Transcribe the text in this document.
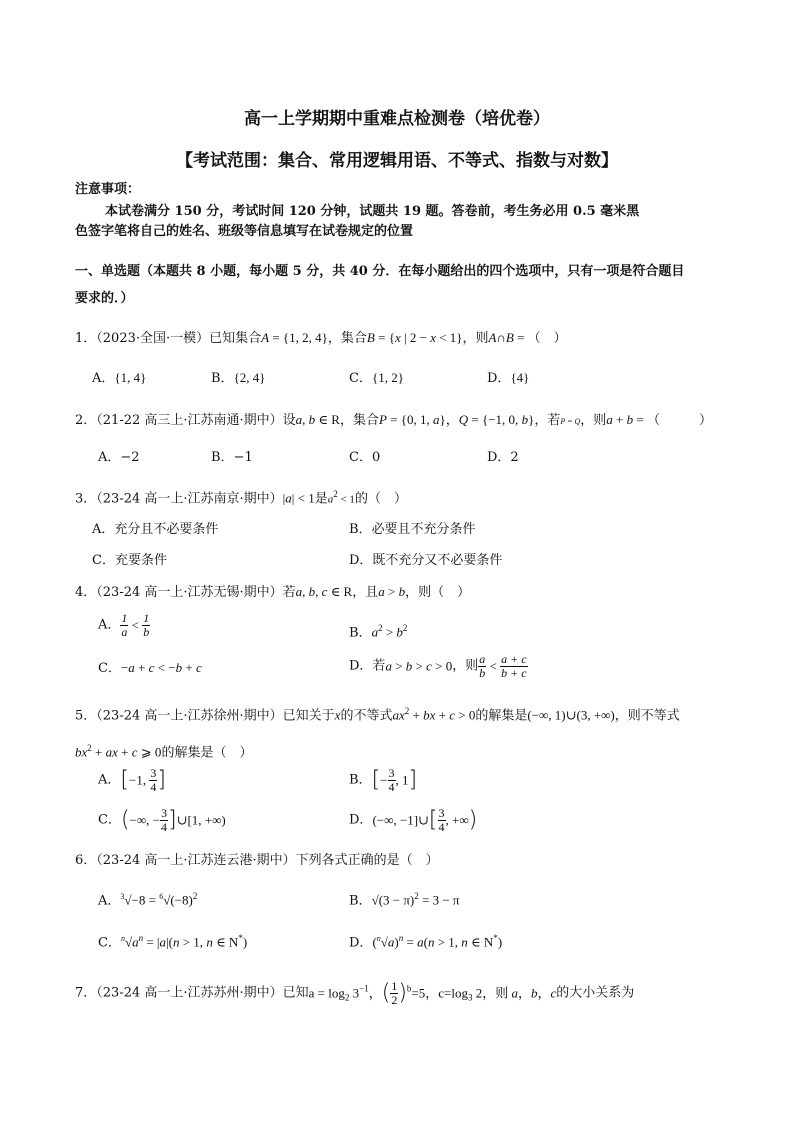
高一上学期期中重难点检测卷（培优卷）
【考试范围：集合、常用逻辑用语、不等式、指数与对数】
注意事项：
本试卷满分 150 分，考试时间 120 分钟，试题共 19 题。答卷前，考生务必用 0.5 毫米黑
色签字笔将自己的姓名、班级等信息填写在试卷规定的位置
一、单选题（本题共 8 小题，每小题 5 分，共 40 分．在每小题给出的四个选项中，只有一项是符合题目
要求的．）
1．（2023·全国·一模）已知集合A = {1, 2, 4}，集合B = {x | 2 − x < 1}，则A∩B = （　）
A．{1, 4}	B．{2, 4}	C．{1, 2}	D．{4}
2．（21-22 高三上·江苏南通·期中）设a, b ∈ R，集合P = {0, 1, a}，Q = {−1, 0, b}，若P = Q，则a + b = （　　　）
A．−2	B．−1	C．0	D．2
3．（23-24 高一上·江苏南京·期中）|a| < 1是$a^2 < 1$的（　）
A．充分且不必要条件	B．必要且不充分条件
C．充要条件	D．既不充分又不必要条件
4．（23-24 高一上·江苏无锡·期中）若a, b, c ∈ R，且a > b，则（　）
A． $\frac{1}{a} < \frac{1}{b}$	B．$a^2 > b^2$
C．−a + c < −b + c	D．若a > b > c > 0，则 $\frac{a}{b} < \frac{a + c}{b + c}$
5．（23-24 高一上·江苏徐州·期中）已知关于x的不等式$ax^2$ + bx + c > 0的解集是(−∞, 1)∪(3, +∞)，则不等式
$bx^2$ + ax + c ⩾ 0的解集是（　）
A．[−1, $\frac{3}{4}$ ]	B．[− $\frac{3}{4}$ , 1]
C．(−∞, − $\frac{3}{4}$ ]∪[1, +∞)	D．(−∞, −1]∪[ $\frac{3}{4}$ , +∞)
6．（23-24 高一上·江苏连云港·期中）下列各式正确的是（　）
A．$^3√-8 = ^6√(-8)^2$	B．$√(3 - \pi)^2 = 3 - \pi$
C．$^n√a^n = |a|(n > 1$, n ∈ N*)	D．$(^n√a)^n = a(n > 1$, n ∈ N*)
7．（23-24 高一上·江苏苏州·期中）已知$a = \log_2 3^{-1}$，( $\frac{1}{2} )^b=5$，$c=\log_3$ 2，则 a，b，c的大小关系为
